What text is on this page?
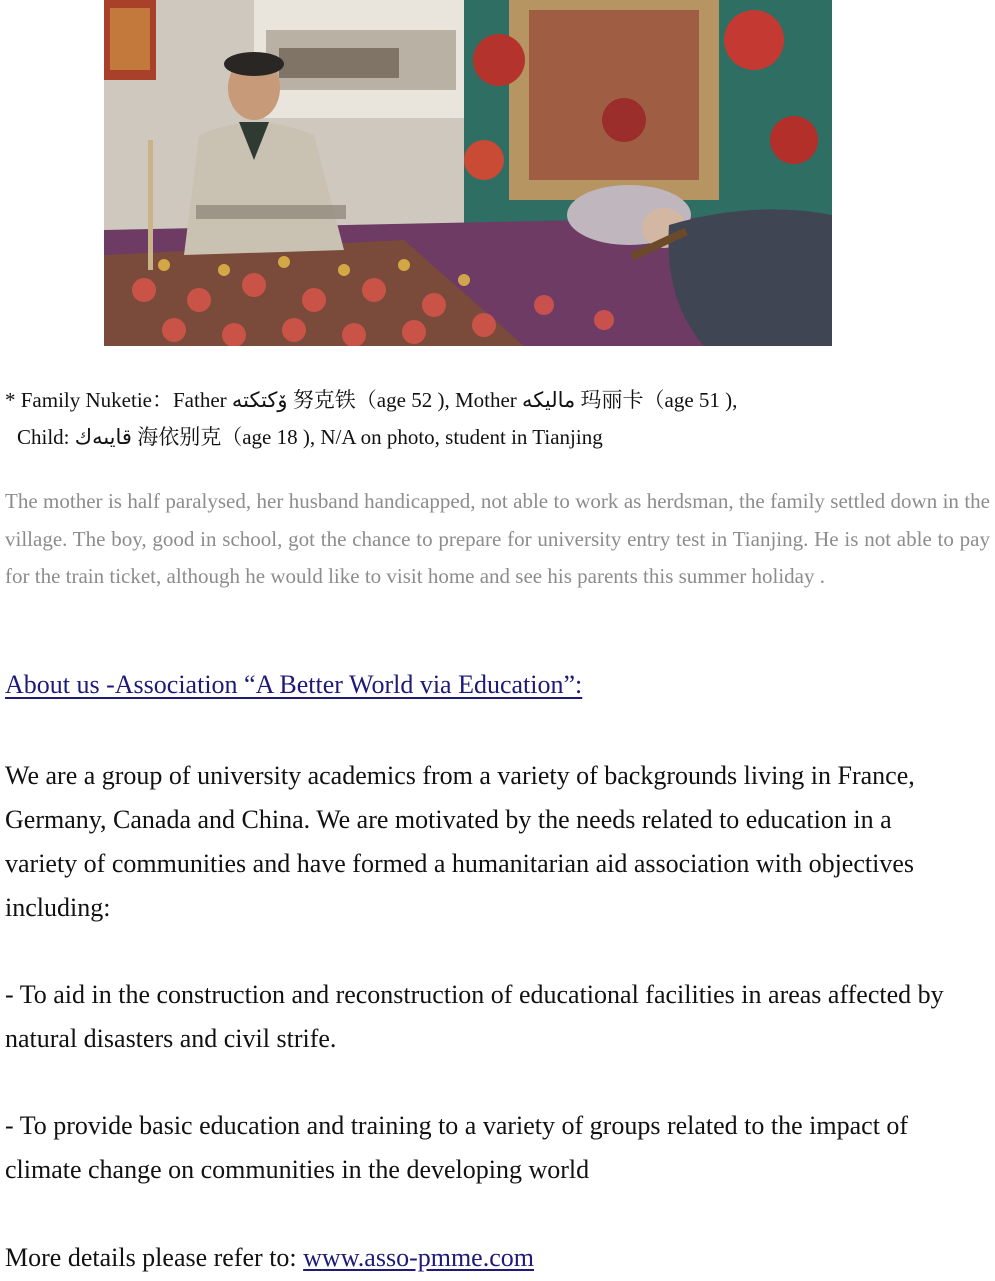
* Family Nuketie：Father ۆكتكته 努克铁（age 52 ), Mother ماليكه 玛丽卡（age 51 ),
Child: قايىەك 海依别克（age 18 ), N/A on photo, student in Tianjing
The mother is half paralysed, her husband handicapped, not able to work as herdsman, the family settled down in the village. The boy, good in school, got the chance to prepare for university entry test in Tianjing. He is not able to pay for the train ticket, although he would like to visit home and see his parents this summer holiday .
About us -Association “A Better World via Education”:
We are a group of university academics from a variety of backgrounds living in France, Germany, Canada and China. We are motivated by the needs related to education in a variety of communities and have formed a humanitarian aid association with objectives including:
- To aid in the construction and reconstruction of educational facilities in areas affected by natural disasters and civil strife.
- To provide basic education and training to a variety of groups related to the impact of climate change on communities in the developing world
More details please refer to: www.asso-pmme.com
